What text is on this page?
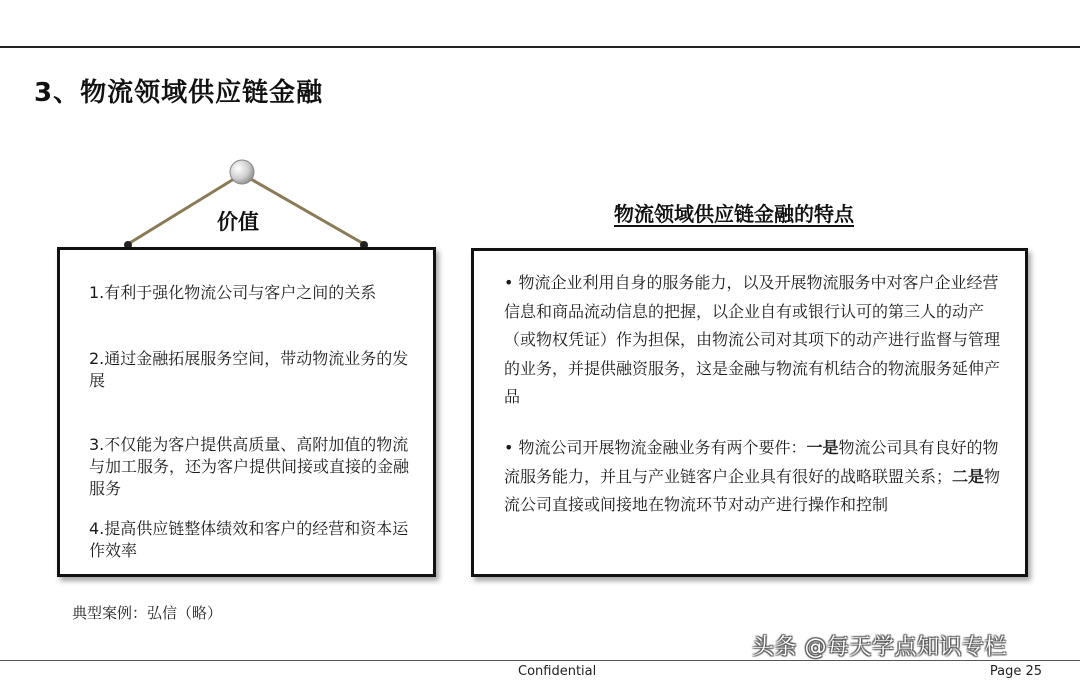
3、物流领域供应链金融
价值	物流领域供应链金融的特点

1.有利于强化物流公司与客户之间的关系

2.通过金融拓展服务空间，带动物流业务的发展

3.不仅能为客户提供高质量、高附加值的物流与加工服务，还为客户提供间接或直接的金融服务

4.提高供应链整体绩效和客户的经营和资本运作效率

• 物流企业利用自身的服务能力，以及开展物流服务中对客户企业经营信息和商品流动信息的把握，以企业自有或银行认可的第三人的动产（或物权凭证）作为担保，由物流公司对其项下的动产进行监督与管理的业务，并提供融资服务，这是金融与物流有机结合的物流服务延伸产品

• 物流公司开展物流金融业务有两个要件：一是物流公司具有良好的物流服务能力，并且与产业链客户企业具有很好的战略联盟关系；二是物流公司直接或间接地在物流环节对动产进行操作和控制

典型案例：弘信（略）
Confidential	Page 25
头条 @每天学点知识专栏
